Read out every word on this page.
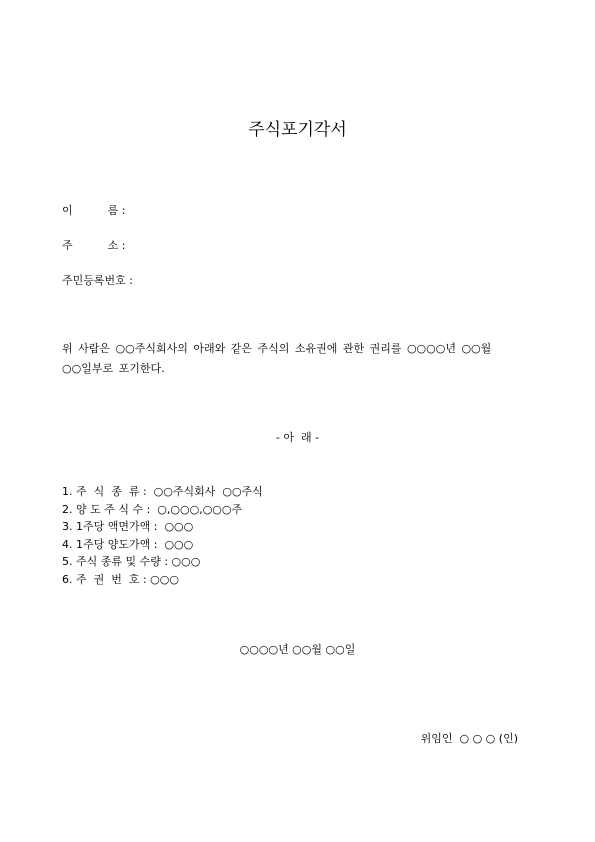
주식포기각서
이          름 :
주          소 :
주민등록번호 :
위 사람은 ○○주식회사의 아래와 같은 주식의 소유권에 관한 권리를 ○○○○년 ○○월
○○일부로 포기한다.
- 아  래 -
1. 주  식  종  류 :  ○○주식회사  ○○주식
2. 양 도 주 식 수 :  ○,○○○,○○○주
3. 1주당 액면가액 :  ○○○
4. 1주당 양도가액 :  ○○○
5. 주식 종류 및 수량 : ○○○
6. 주  권  번  호 : ○○○
○○○○년 ○○월 ○○일
위임인  ○ ○ ○ (인)
